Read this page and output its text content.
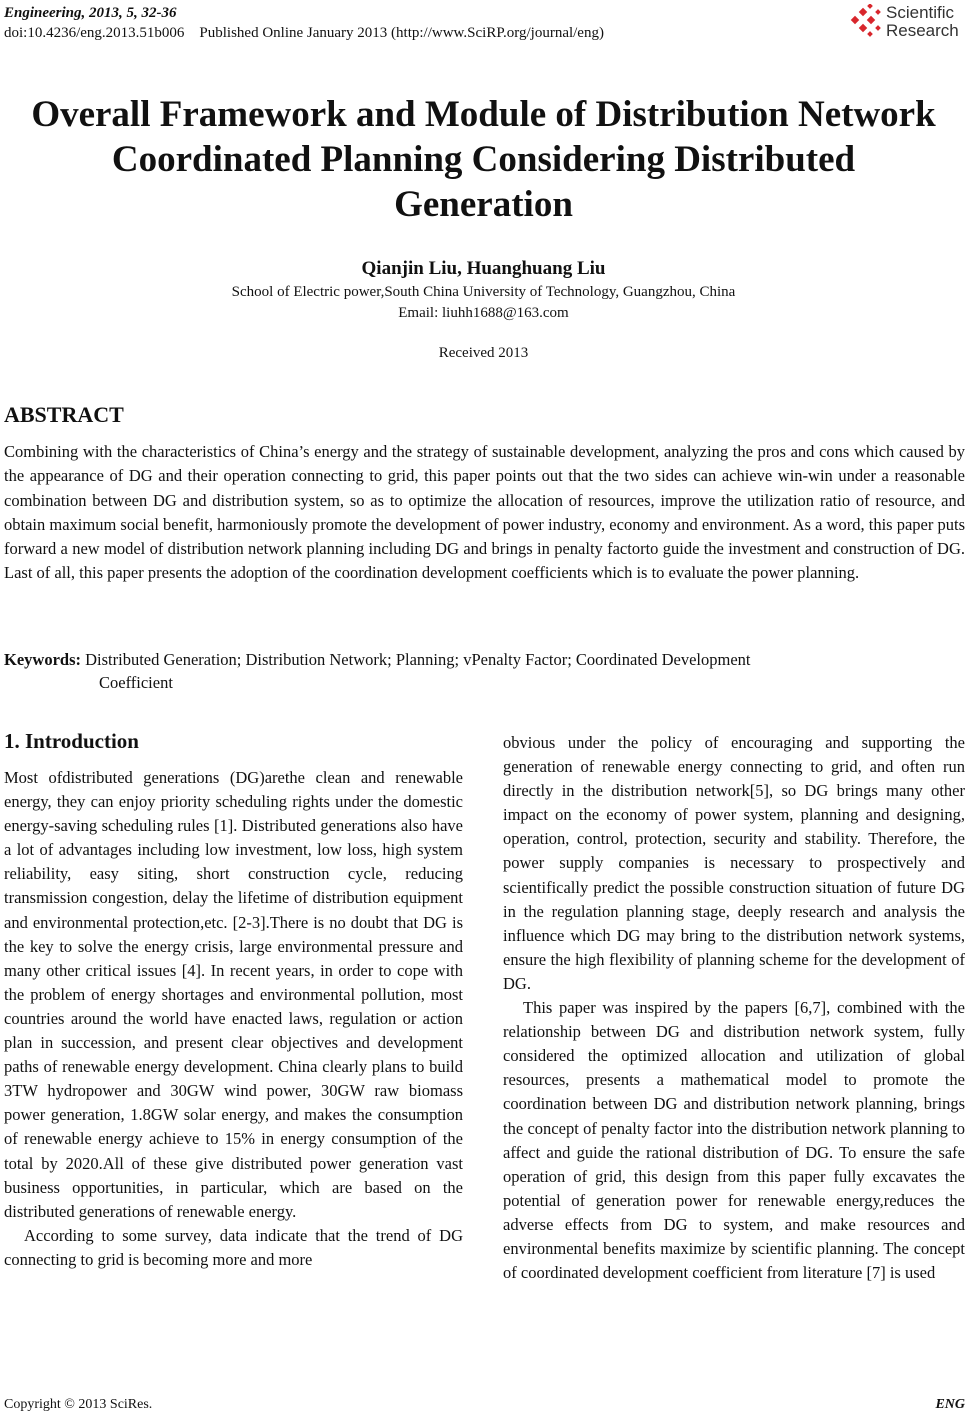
Engineering, 2013, 5, 32-36
doi:10.4236/eng.2013.51b006    Published Online January 2013 (http://www.SciRP.org/journal/eng)
Scientific
Research
Overall Framework and Module of Distribution Network
Coordinated Planning Considering Distributed
Generation
Qianjin Liu, Huanghuang Liu
School of Electric power,South China University of Technology, Guangzhou, China
Email: liuhh1688@163.com
Received 2013
ABSTRACT
Combining with the characteristics of China’s energy and the strategy of sustainable development, analyzing the pros and cons which caused by the appearance of DG and their operation connecting to grid, this paper points out that the two sides can achieve win-win under a reasonable combination between DG and distribution system, so as to optimize the allocation of resources, improve the utilization ratio of resource, and obtain maximum social benefit, harmoniously promote the development of power industry, economy and environment. As a word, this paper puts forward a new model of distribution network planning including DG and brings in penalty factorto guide the investment and construction of DG. Last of all, this paper presents the adoption of the coordination development coefficients which is to evaluate the power planning.
Keywords: Distributed Generation; Distribution Network; Planning; vPenalty Factor; Coordinated Development
Coefficient
1. Introduction

Most ofdistributed generations (DG)arethe clean and renewable energy, they can enjoy priority scheduling rights under the domestic energy-saving scheduling rules [1]. Distributed generations also have a lot of advantages including low investment, low loss, high system reliability, easy siting, short construction cycle, reducing transmission congestion, delay the lifetime of distribution equipment and environmental protection,etc. [2-3].There is no doubt that DG is the key to solve the energy crisis, large environmental pressure and many other critical issues [4]. In recent years, in order to cope with the problem of energy shortages and environmental pollution, most countries around the world have enacted laws, regulation or action plan in succession, and present clear objectives and development paths of renewable energy development. China clearly plans to build 3TW hydropower and 30GW wind power, 30GW raw biomass power generation, 1.8GW solar energy, and makes the consumption of renewable energy achieve to 15% in energy consumption of the total by 2020.All of these give distributed power generation vast business opportunities, in particular, which are based on the distributed generations of renewable energy.

According to some survey, data indicate that the trend of DG connecting to grid is becoming more and more

obvious under the policy of encouraging and supporting the generation of renewable energy connecting to grid, and often run directly in the distribution network[5], so DG brings many other impact on the economy of power system, planning and designing, operation, control, protection, security and stability. Therefore, the power supply companies is necessary to prospectively and scientifically predict the possible construction situation of future DG in the regulation planning stage, deeply research and analysis the influence which DG may bring to the distribution network systems, ensure the high flexibility of planning scheme for the development of DG.

This paper was inspired by the papers [6,7], combined with the relationship between DG and distribution network system, fully considered the optimized allocation and utilization of global resources, presents a mathematical model to promote the coordination between DG and distribution network planning, brings the concept of penalty factor into the distribution network planning to affect and guide the rational distribution of DG. To ensure the safe operation of grid, this design from this paper fully excavates the potential of generation power for renewable energy,reduces the adverse effects from DG to system, and make resources and environmental benefits maximize by scientific planning. The concept of coordinated development coefficient from literature [7] is used

Copyright © 2013 SciRes.	ENG
